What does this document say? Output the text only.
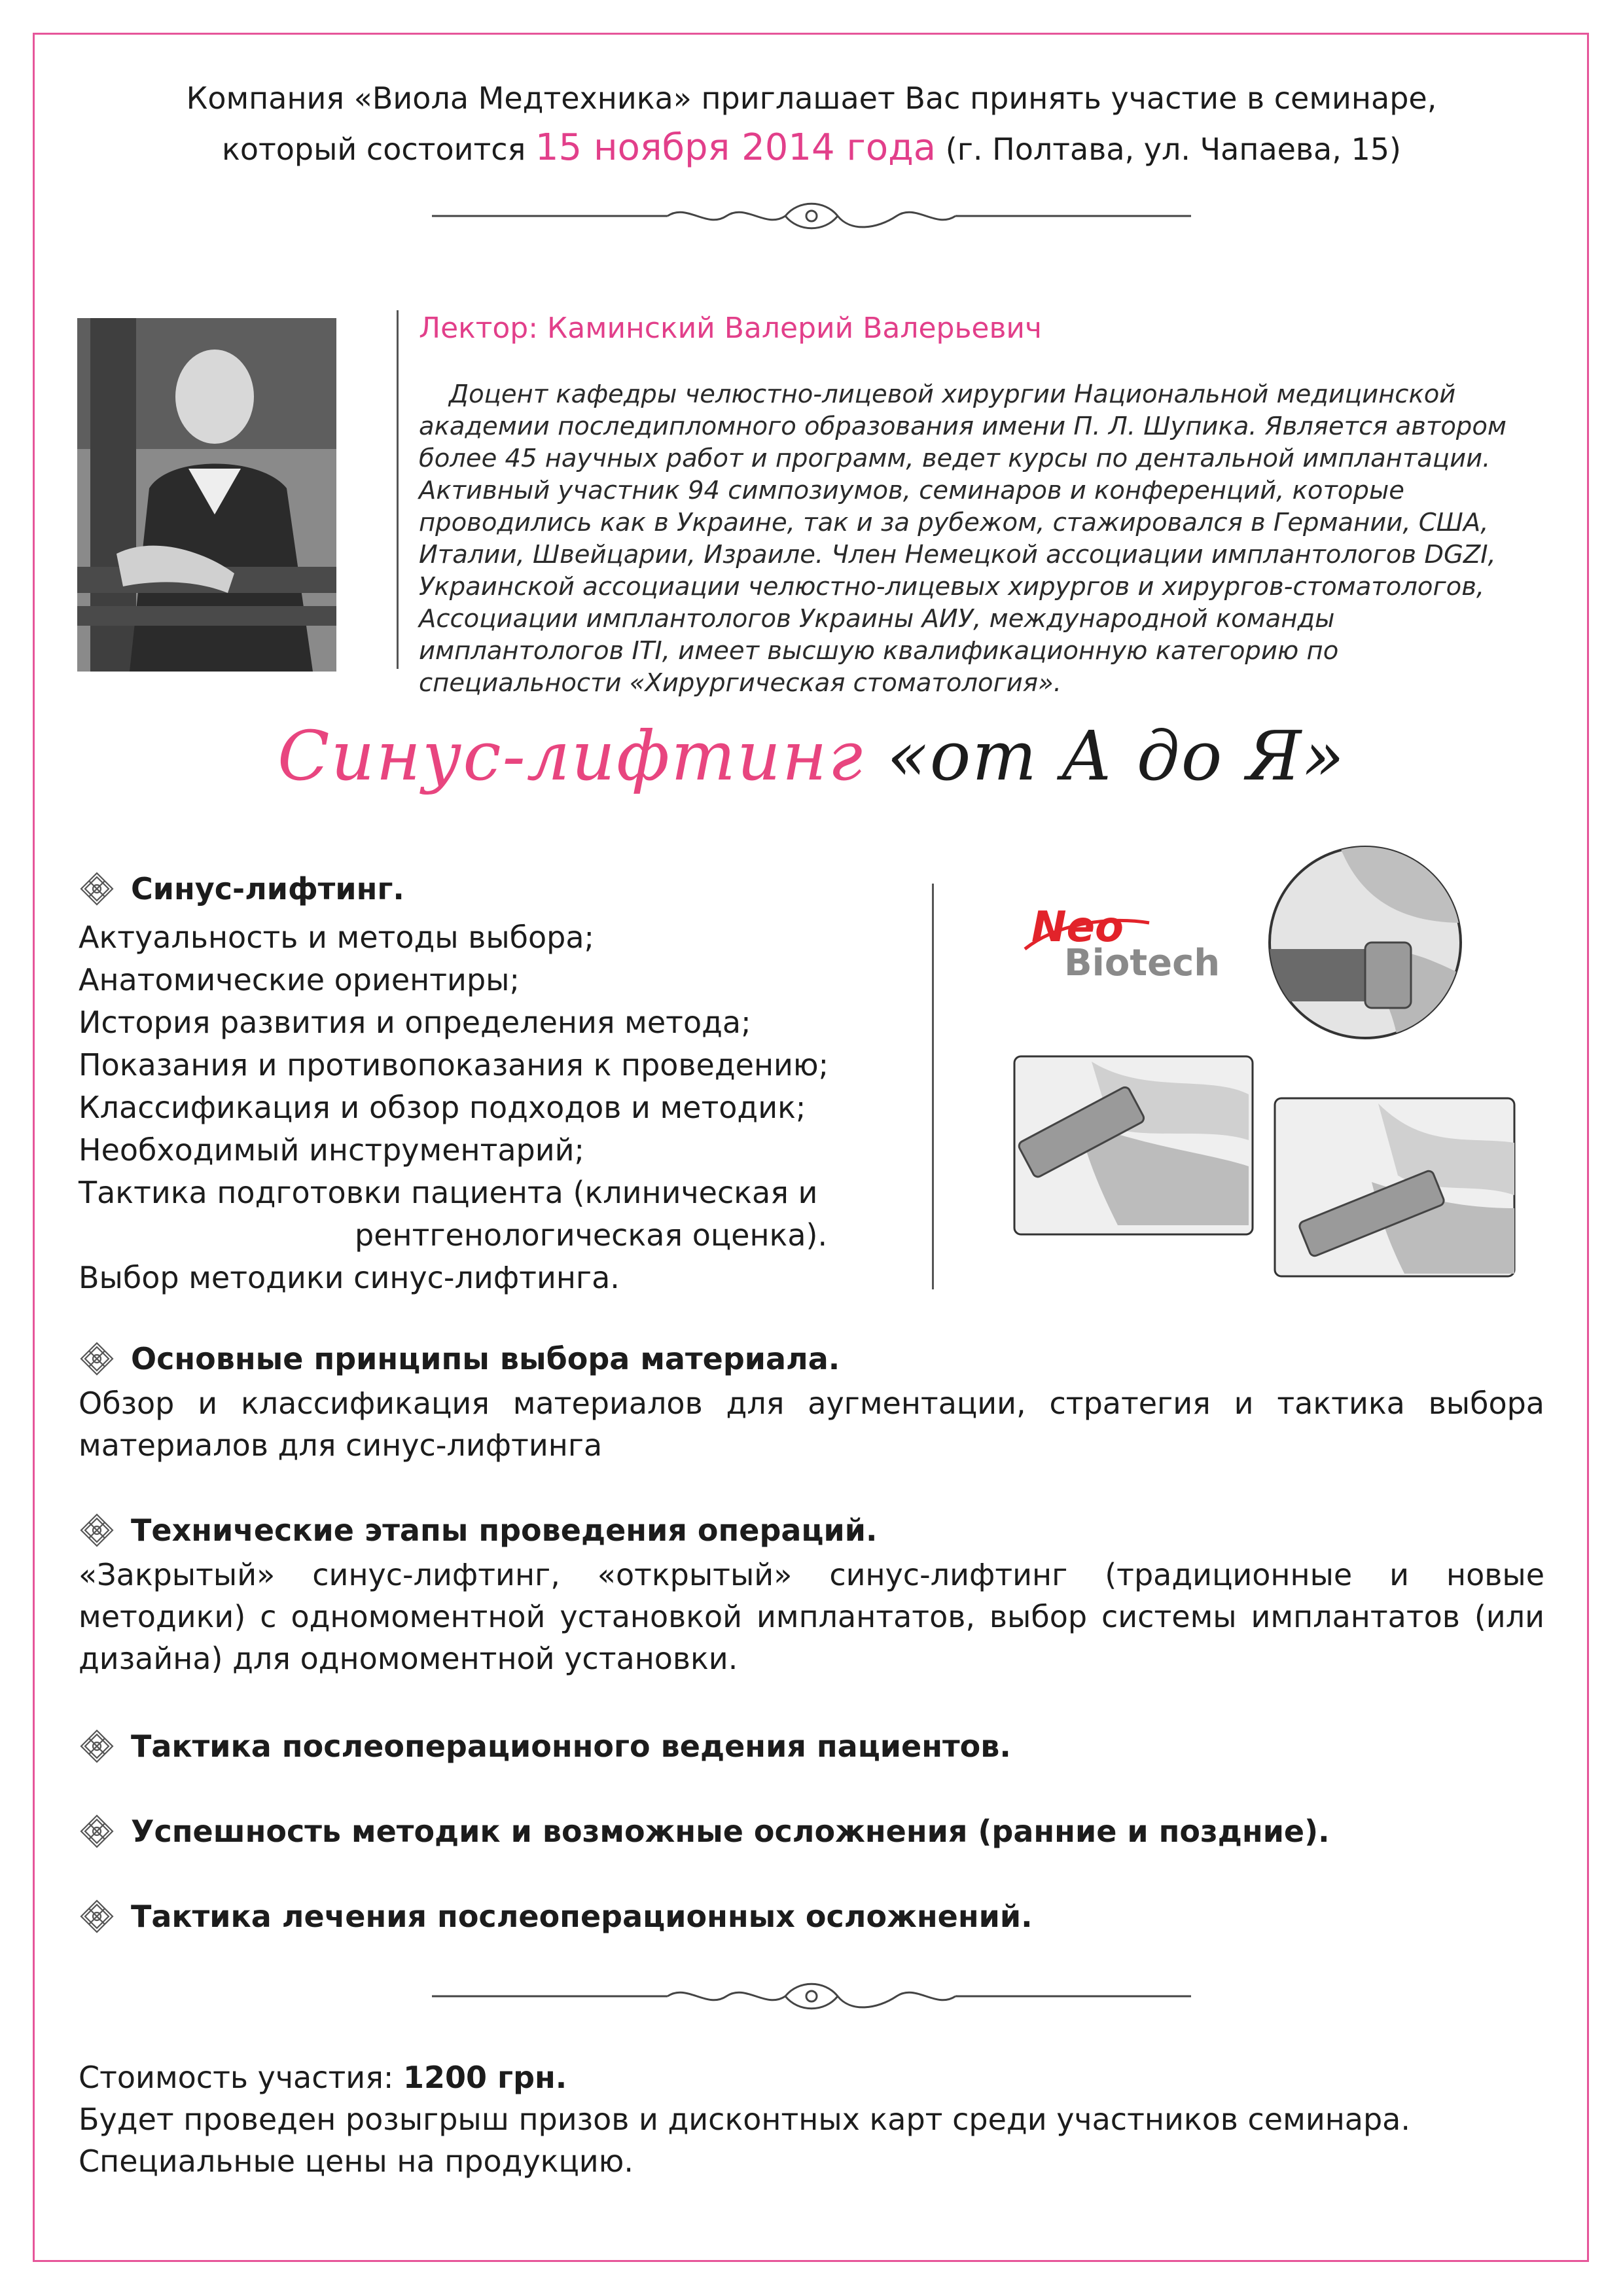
Компания «Виола Медтехника» приглашает Вас принять участие в семинаре,
который состоится 15 ноября 2014 года (г. Полтава, ул. Чапаева, 15)
Лектор: Каминский Валерий Валерьевич

Доцент кафедры челюстно-лицевой хирургии Национальной медицинской академии последипломного образования имени П. Л. Шупика. Является автором более 45 научных работ и программ, ведет курсы по дентальной имплантации. Активный участник 94 симпозиумов, семинаров и конференций, которые проводились как в Украине, так и за рубежом, стажировался в Германии, США, Италии, Швейцарии, Израиле. Член Немецкой ассоциации имплантологов DGZI, Украинской ассоциации челюстно-лицевых хирургов и хирургов-стоматологов, Ассоциации имплантологов Украины АИУ, международной команды имплантологов ITI, имеет высшую квалификационную категорию по специальности «Хирургическая стоматология».

Синус-лифтинг «от А до Я»
Синус-лифтинг.
Актуальность и методы выбора;
Анатомические ориентиры;
История развития и определения метода;
Показания и противопоказания к проведению;
Классификация и обзор подходов и методик;
Необходимый инструментарий;
Тактика подготовки пациента (клиническая и
рентгенологическая оценка).
Выбор методики синус-лифтинга.
Neo
Biotech
Основные принципы выбора материала.

Обзор и классификация материалов для аугментации, стратегия и тактика выбора материалов для синус-лифтинга

Технические этапы проведения операций.

«Закрытый» синус-лифтинг, «открытый» синус-лифтинг (традиционные и новые методики) с одномоментной установкой имплантатов, выбор системы имплантатов (или дизайна) для одномоментной установки.

Тактика послеоперационного ведения пациентов.
Успешность методик и возможные осложнения (ранние и поздние).
Тактика лечения послеоперационных осложнений.
Стоимость участия: 1200 грн.
Будет проведен розыгрыш призов и дисконтных карт среди участников семинара.
Специальные цены на продукцию.
